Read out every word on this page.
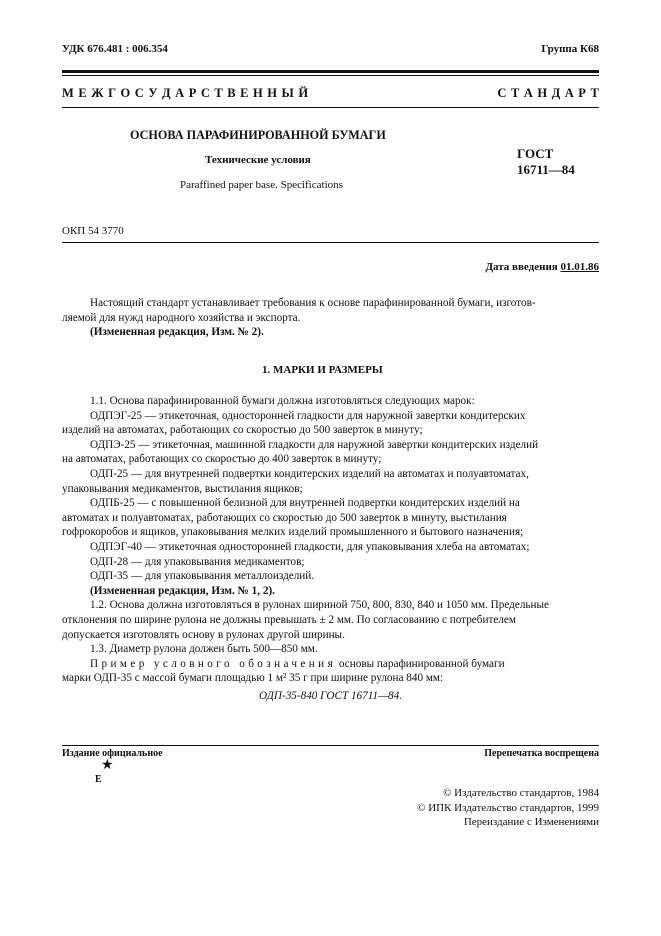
УДК 676.481 : 006.354	Группа К68
М Е Ж Г О С У Д А Р С Т В Е Н Н Ы Й	С Т А Н Д А Р Т
ОСНОВА ПАРАФИНИРОВАННОЙ БУМАГИ
Технические условия
Paraffined paper base. Specifications
ГОСТ
16711—84
ОКП 54 3770
Дата введения 01.01.86
Настоящий стандарт устанавливает требования к основе парафинированной бумаги, изготов-
ляемой для нужд народного хозяйства и экспорта.
(Измененная редакция, Изм. № 2).
1. МАРКИ И РАЗМЕРЫ
1.1. Основа парафинированной бумаги должна изготовляться следующих марок:
ОДПЭГ-25 — этикеточная, односторонней гладкости для наружной завертки кондитерских
изделий на автоматах, работающих со скоростью до 500 заверток в минуту;
ОДПЭ-25 — этикеточная, машинной гладкости для наружной завертки кондитерских изделий
на автоматах, работающих со скоростью до 400 заверток в минуту;
ОДП-25 — для внутренней подвертки кондитерских изделий на автоматах и полуавтоматах,
упаковывания медикаментов, выстилания ящиков;
ОДПБ-25 — с повышенной белизной для внутренней подвертки кондитерских изделий на
автоматах и полуавтоматах, работающих со скоростью до 500 заверток в минуту, выстилания
гофрокоробов и ящиков, упаковывания мелких изделий промышленного и бытового назначения;
ОДПЭГ-40 — этикеточная односторонней гладкости, для упаковывания хлеба на автоматах;
ОДП-28 — для упаковывания медикаментов;
ОДП-35 — для упаковывания металлоизделий.
(Измененная редакция, Изм. № 1, 2).
1.2. Основа должна изготовляться в рулонах шириной 750, 800, 830, 840 и 1050 мм. Предельные
отклонения по ширине рулона не должны превышать ± 2 мм. По согласованию с потребителем
допускается изготовлять основу в рулонах другой ширины.
1.3. Диаметр рулона должен быть 500—850 мм.
Пример условного обозначения основы парафинированной бумаги
марки ОДП-35 с массой бумаги площадью 1 м² 35 г при ширине рулона 840 мм:
ОДП-35-840 ГОСТ 16711—84.
Издание официальное	Перепечатка воспрещена
★
Е
© Издательство стандартов, 1984
© ИПК Издательство стандартов, 1999
Переиздание с Изменениями
